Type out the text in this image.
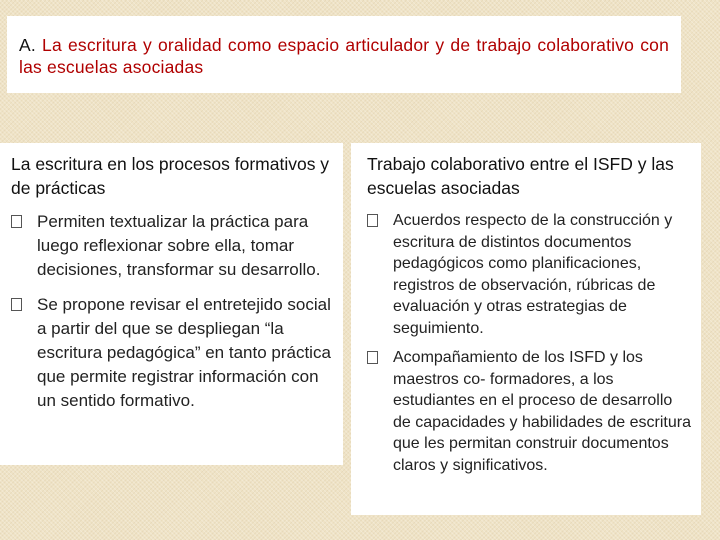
A. La escritura y oralidad como espacio articulador y de trabajo colaborativo con las escuelas asociadas

La escritura en los procesos formativos y de prácticas
Trabajo colaborativo entre el ISFD y las escuelas asociadas
Permiten textualizar la práctica para luego reflexionar sobre ella, tomar decisiones, transformar su desarrollo.
Se propone revisar el entretejido social a partir del que se despliegan “la escritura pedagógica” en tanto práctica que permite registrar información con un sentido formativo.
Acuerdos respecto de la construcción y escritura de distintos documentos pedagógicos como planificaciones, registros de observación, rúbricas de evaluación y otras estrategias de seguimiento.
Acompañamiento de los ISFD y los maestros co- formadores, a los estudiantes en el proceso de desarrollo de capacidades y habilidades de escritura que les permitan construir documentos claros y significativos.
